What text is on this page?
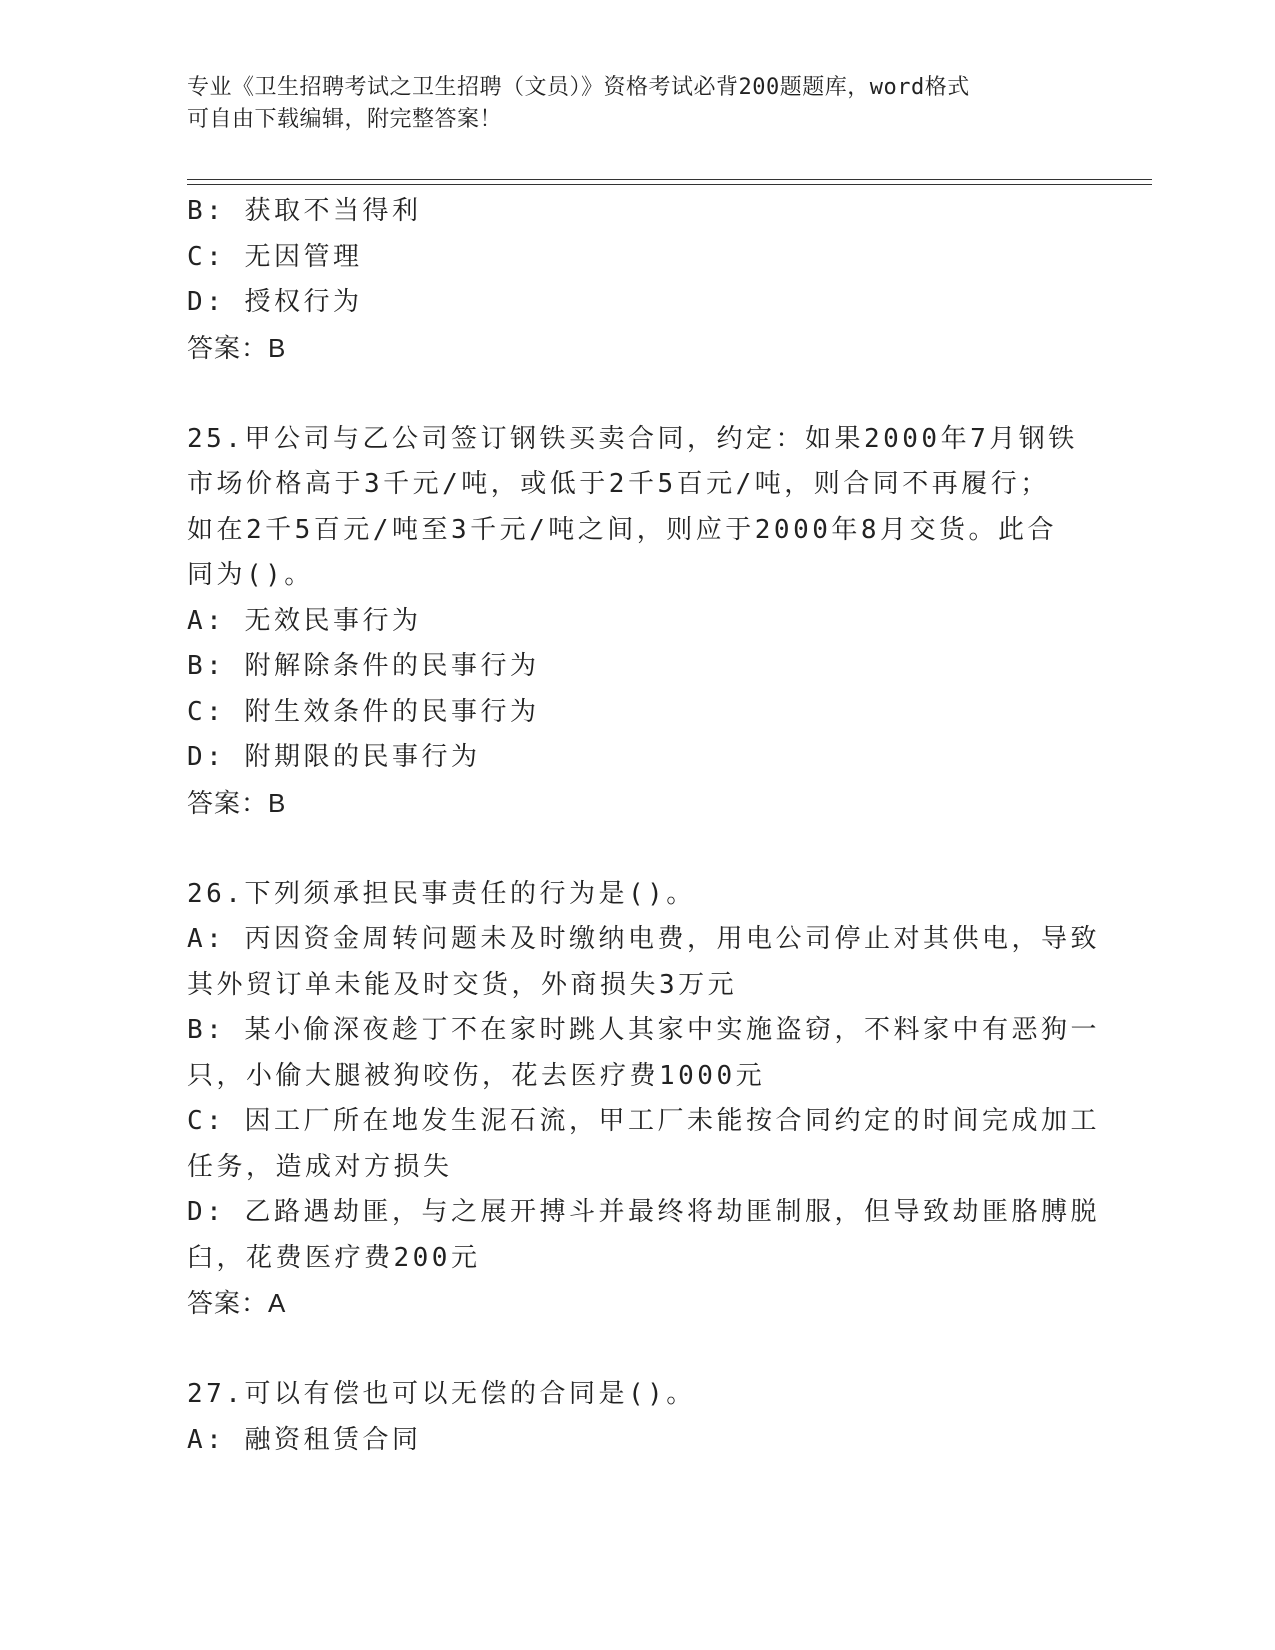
专业《卫生招聘考试之卫生招聘（文员）》资格考试必背200题题库，word格式
可自由下载编辑，附完整答案！
B: 获取不当得利
C: 无因管理
D: 授权行为
答案：B
25.甲公司与乙公司签订钢铁买卖合同，约定：如果2000年7月钢铁
市场价格高于3千元/吨，或低于2千5百元/吨，则合同不再履行；
如在2千5百元/吨至3千元/吨之间，则应于2000年8月交货。此合
同为()。
A: 无效民事行为
B: 附解除条件的民事行为
C: 附生效条件的民事行为
D: 附期限的民事行为
答案：B
26.下列须承担民事责任的行为是()。
A: 丙因资金周转问题未及时缴纳电费，用电公司停止对其供电，导致
其外贸订单未能及时交货，外商损失3万元
B: 某小偷深夜趁丁不在家时跳人其家中实施盗窃，不料家中有恶狗一
只，小偷大腿被狗咬伤，花去医疗费1000元
C: 因工厂所在地发生泥石流，甲工厂未能按合同约定的时间完成加工
任务，造成对方损失
D: 乙路遇劫匪，与之展开搏斗并最终将劫匪制服，但导致劫匪胳膊脱
臼，花费医疗费200元
答案：A
27.可以有偿也可以无偿的合同是()。
A: 融资租赁合同
